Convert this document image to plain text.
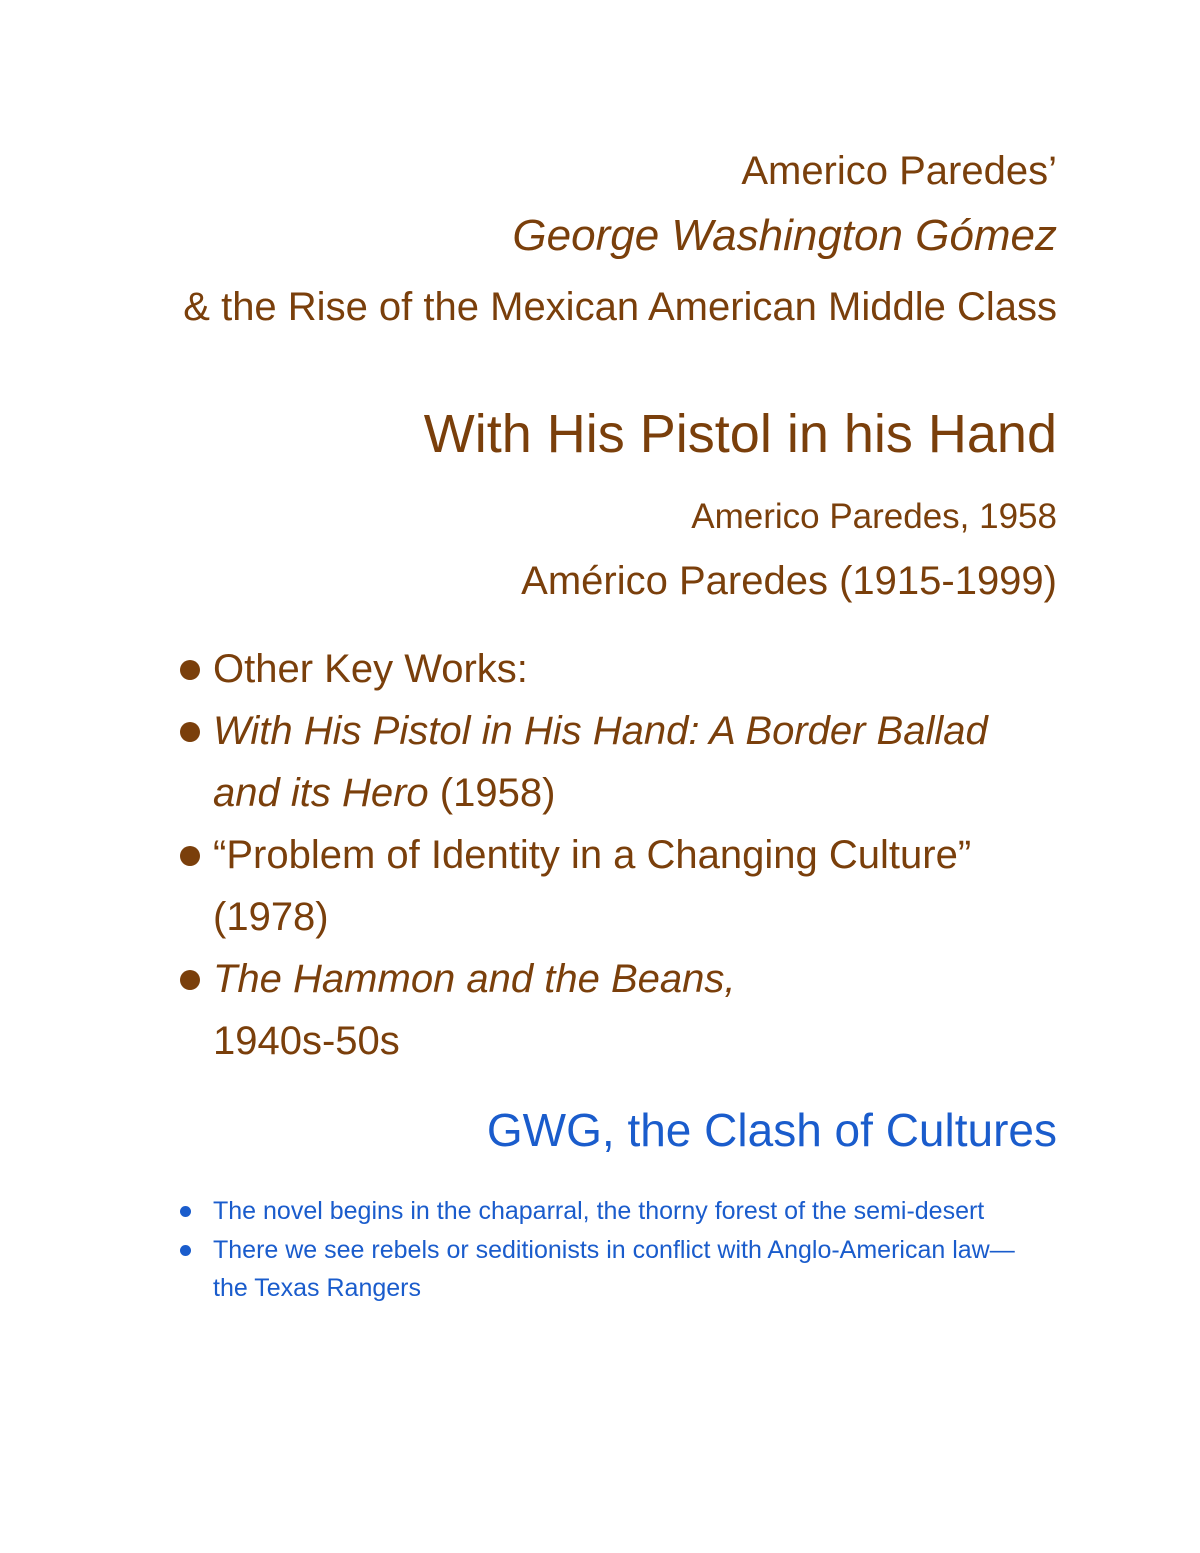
Americo Paredes’
George Washington Gómez
& the Rise of the Mexican American Middle Class
With His Pistol in his Hand
Americo Paredes, 1958
Américo Paredes (1915-1999)
Other Key Works:
With His Pistol in His Hand: A Border Ballad and its Hero (1958)
“Problem of Identity in a Changing Culture” (1978)
The Hammon and the Beans,
1940s-50s
GWG, the Clash of Cultures
The novel begins in the chaparral, the thorny forest of the semi-desert
There we see rebels or seditionists in conflict with Anglo-American law—the Texas Rangers
